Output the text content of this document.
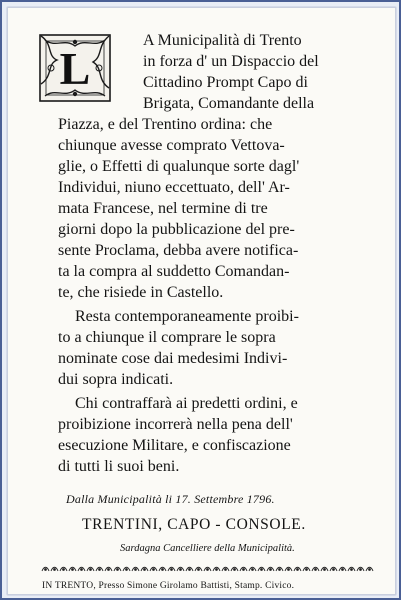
L
A Municipalità di Trento
in forza d' un Dispaccio del
Cittadino Prompt Capo di
Brigata, Comandante della
Piazza, e del Trentino ordina: che
chiunque avesse comprato Vettova-
glie, o Effetti di qualunque sorte dagl'
Individui, niuno eccettuato, dell' Ar-
mata Francese, nel termine di tre
giorni dopo la pubblicazione del pre-
sente Proclama, debba avere notifica-
ta la compra al suddetto Comandan-
te, che risiede in Castello.
Resta contemporaneamente proibi-
to a chiunque il comprare le sopra
nominate cose dai medesimi Indivi-
dui sopra indicati.
Chi contraffarà ai predetti ordini, e
proibizione incorrerà nella pena dell'
esecuzione Militare, e confiscazione
di tutti li suoi beni.
Dalla Municipalità li 17. Settembre 1796.
TRENTINI, CAPO - CONSOLE.
Sardagna Cancelliere della Municipalità.
IN TRENTO, Presso Simone Girolamo Battisti, Stamp. Civico.
